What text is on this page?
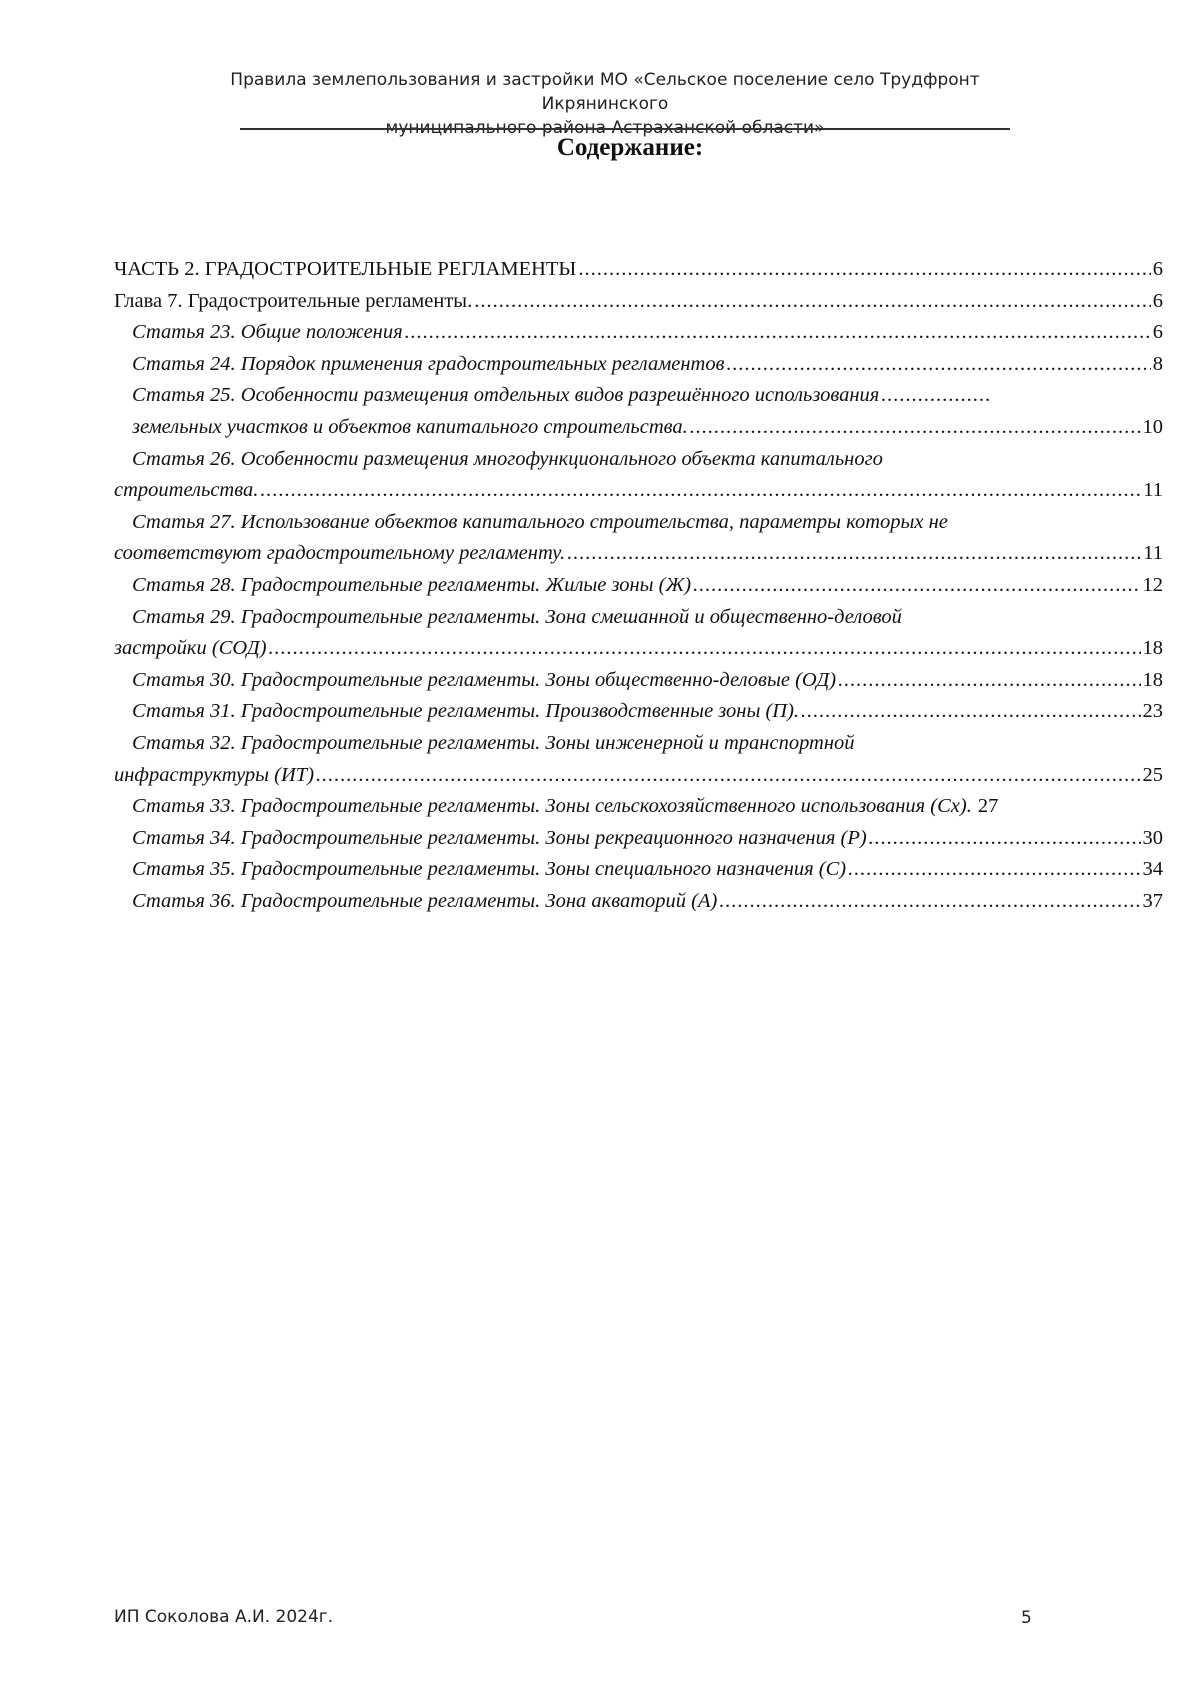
Правила землепользования и застройки МО «Сельское поселение село Трудфронт Икрянинского
муниципального района Астраханской области»
Содержание:
ЧАСТЬ 2. ГРАДОСТРОИТЕЛЬНЫЕ РЕГЛАМЕНТЫ .....	6
Глава 7. Градостроительные регламенты. .....	6
Статья 23. Общие положения .....	6
Статья 24. Порядок применения градостроительных регламентов .....	8
Статья 25. Особенности размещения отдельных видов разрешённого использования
.....
земельных участков и объектов капитального строительства. .....	10
Статья 26. Особенности размещения многофункционального объекта капитального
строительства. .....	11
Статья 27. Использование объектов капитального строительства, параметры которых не
соответствуют градостроительному регламенту. .....	11
Статья 28. Градостроительные регламенты. Жилые зоны (Ж) .....	12
Статья 29. Градостроительные регламенты. Зона смешанной и общественно-деловой
застройки (СОД) .....	18
Статья 30. Градостроительные регламенты. Зоны общественно-деловые (ОД) .....	18
Статья 31. Градостроительные регламенты. Производственные зоны (П). .....	23
Статья 32. Градостроительные регламенты. Зоны инженерной и транспортной
инфраструктуры (ИТ) .....	25
Статья 33. Градостроительные регламенты. Зоны сельскохозяйственного использования (Сх). 27
Статья 34. Градостроительные регламенты. Зоны рекреационного назначения (Р) .....	30
Статья 35. Градостроительные регламенты. Зоны специального назначения (С) .....	34
Статья 36. Градостроительные регламенты. Зона акваторий (А) .....	37
ИП Соколова А.И. 2024г.	5
